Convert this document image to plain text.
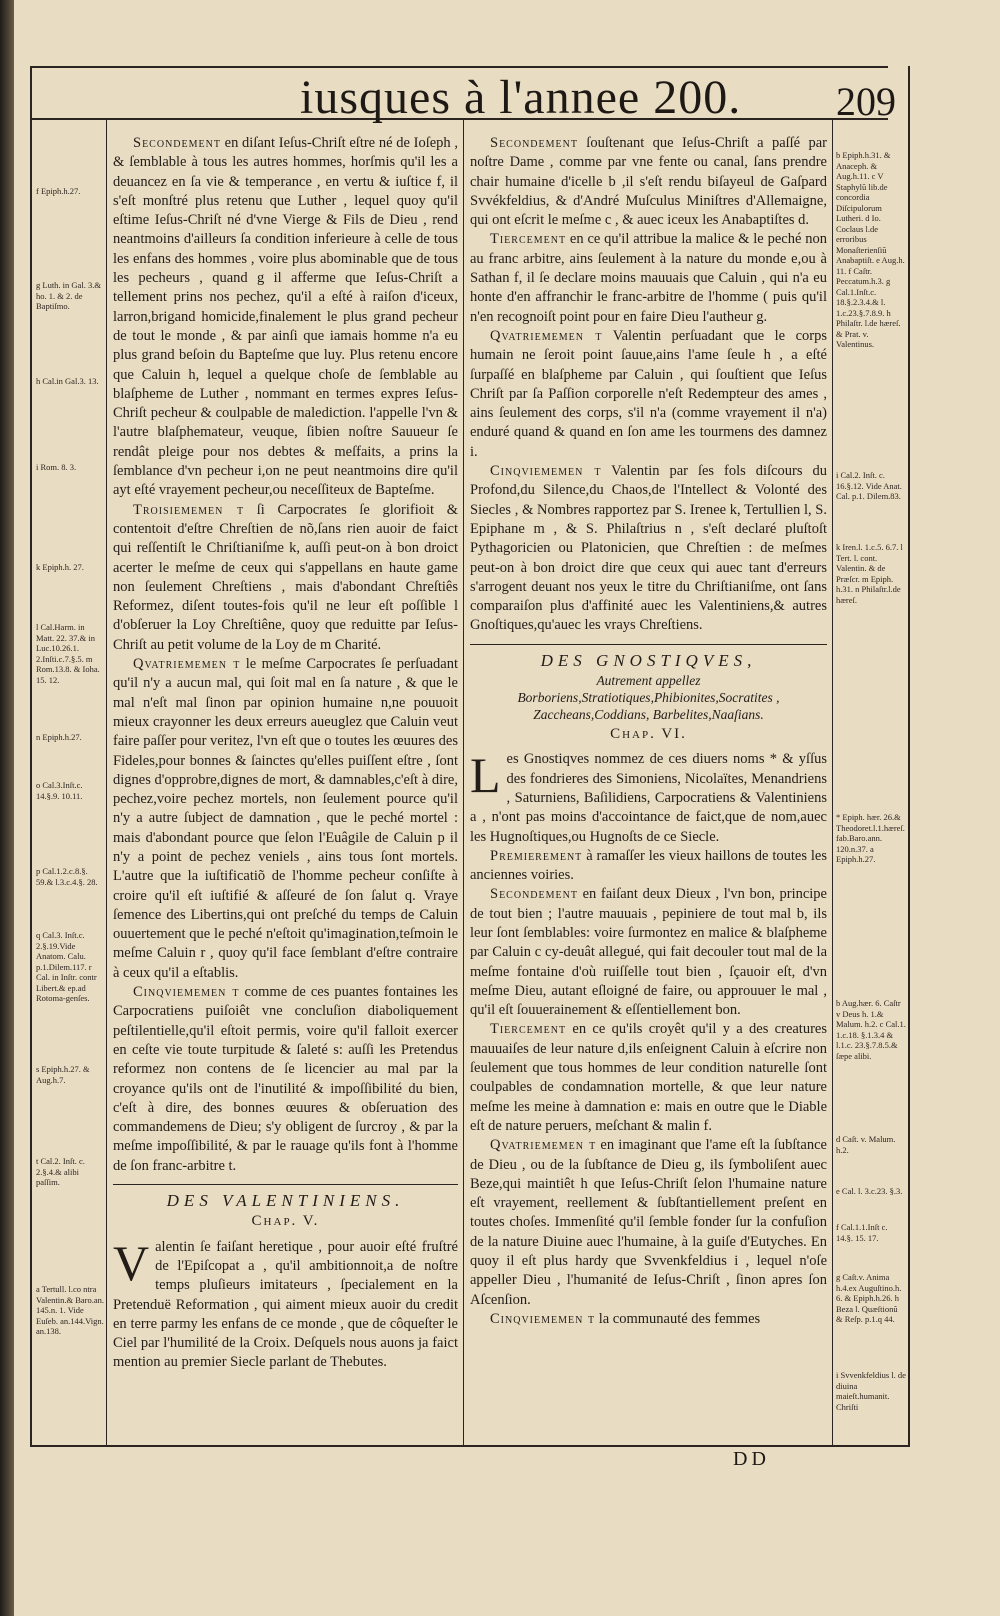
iusques à l'annee 200. 209
f Epiph.h.27.
g Luth. in Gal. 3.& ho. 1. & 2. de Baptiſmo.
h Cal.in Gal.3. 13.
i Rom. 8. 3.
k Epiph.h. 27.
l Cal.Harm. in Matt. 22. 37.& in Luc.10.26.1. 2.Inſti.c.7.§.5. m Rom.13.8. & Ioha. 15. 12.
n Epiph.h.27.
o Cal.3.Inſt.c. 14.§.9. 10.11.
p Cal.1.2.c.8.§. 59.& l.3.c.4.§. 28.
q Cal.3. Inſt.c. 2.§.19.Vide Anatom. Calu. p.1.Dilem.117. r Cal. in Inſtr. contr Libert.& ep.ad Rotoma-genſes.
s Epiph.h.27. & Aug.h.7.
t Cal.2. Inſt. c. 2.§.4.& alibi paſſim.
a Tertull. l.co ntra Valentin.& Baro.an. 145.n. 1. Vide Euſeb. an.144.Vign. an.138.

Secondement en diſant Ieſus-Chriſt eſtre né de Ioſeph , & ſemblable à tous les autres hommes, horſmis qu'il les a deuancez en ſa vie & temperance , en vertu & iuſtice f, il s'eſt monſtré plus retenu que Luther , lequel quoy qu'il eſtime Ieſus-Chriſt né d'vne Vierge & Fils de Dieu , rend neantmoins d'ailleurs ſa condition inferieure à celle de tous les enfans des hommes , voire plus abominable que de tous les pecheurs , quand g il afferme que Ieſus-Chriſt a tellement prins nos pechez, qu'il a eſté à raiſon d'iceux, larron,brigand homicide,finalement le plus grand pecheur de tout le monde , & par ainſi que iamais homme n'a eu plus grand beſoin du Bapteſme que luy. Plus retenu encore que Caluin h, lequel a quelque choſe de ſemblable au blaſpheme de Luther , nommant en termes expres Ieſus-Chriſt pecheur & coulpable de malediction. l'appelle l'vn & l'autre blaſphemateur, veuque, ſibien noſtre Sauueur ſe rendât pleige pour nos debtes & meſfaits, a prins la ſemblance d'vn pecheur i,on ne peut neantmoins dire qu'il ayt eſté vrayement pecheur,ou neceſſiteux de Bapteſme.

Troisiememen t ſi Carpocrates ſe glorifioit & contentoit d'eſtre Chreſtien de nõ,ſans rien auoir de faict qui reſſentiſt le Chriſtianiſme k, auſſi peut-on à bon droict acerter le meſme de ceux qui s'appellans en haute game non ſeulement Chreſtiens , mais d'abondant Chreſtiês Reformez, diſent toutes-fois qu'il ne leur eſt poſſible l d'obſeruer la Loy Chreſtiêne, quoy que reduitte par Ieſus-Chriſt au petit volume de la Loy de m Charité.

Qvatriememen t le meſme Carpocrates ſe perſuadant qu'il n'y a aucun mal, qui ſoit mal en ſa nature , & que le mal n'eſt mal ſinon par opinion humaine n,ne pouuoit mieux crayonner les deux erreurs aueuglez que Caluin veut faire paſſer pour veritez, l'vn eſt que o toutes les œuures des Fideles,pour bonnes & ſainctes qu'elles puiſſent eſtre , ſont dignes d'opprobre,dignes de mort, & damnables,c'eſt à dire, pechez,voire pechez mortels, non ſeulement pource qu'il n'y a autre ſubject de damnation , que le peché mortel : mais d'abondant pource que ſelon l'Euâgile de Caluin p il n'y a point de pechez veniels , ains tous ſont mortels. L'autre que la iuſtificatiõ de l'homme pecheur conſiſte à croire qu'il eſt iuſtifié & aſſeuré de ſon ſalut q. Vraye ſemence des Libertins,qui ont preſché du temps de Caluin ouuertement que le peché n'eſtoit qu'imagination,teſmoin le meſme Caluin r , quoy qu'il face ſemblant d'eſtre contraire à ceux qu'il a eſtablis.

Cinqviememen t comme de ces puantes fontaines les Carpocratiens puiſoiêt vne concluſion diaboliquement peſtilentielle,qu'il eſtoit permis, voire qu'il falloit exercer en ceſte vie toute turpitude & ſaleté s: auſſi les Pretendus reformez non contens de ſe licencier au mal par la croyance qu'ils ont de l'inutilité & impoſſibilité du bien, c'eſt à dire, des bonnes œuures & obſeruation des commandemens de Dieu; s'y obligent de ſurcroy , & par la meſme impoſſibilité, & par le rauage qu'ils font à l'homme de ſon franc-arbitre t.

DES VALENTINIENS.
Chap. V.
Valentin ſe faiſant heretique , pour auoir eſté fruſtré de l'Epiſcopat a , qu'il ambitionnoit,a de noſtre temps pluſieurs imitateurs , ſpecialement en la Pretenduë Reformation , qui aiment mieux auoir du credit en terre parmy les enfans de ce monde , que de côqueſter le Ciel par l'humilité de la Croix. Deſquels nous auons ja faict mention au premier Siecle parlant de Thebutes.

Secondement ſouſtenant que Ieſus-Chriſt a paſſé par noſtre Dame , comme par vne fente ou canal, ſans prendre chair humaine d'icelle b ,il s'eſt rendu biſayeul de Gaſpard Svvékfeldius, & d'André Muſculus Miniſtres d'Allemaigne, qui ont eſcrit le meſme c , & auec iceux les Anabaptiſtes d.

Tiercement en ce qu'il attribue la malice & le peché non au franc arbitre, ains ſeulement à la nature du monde e,ou à Sathan f, il ſe declare moins mauuais que Caluin , qui n'a eu honte d'en affranchir le franc-arbitre de l'homme ( puis qu'il n'en recognoiſt point pour en faire Dieu l'autheur g.

Qvatriememen t Valentin perſuadant que le corps humain ne ſeroit point ſauue,ains l'ame ſeule h , a eſté ſurpaſſé en blaſpheme par Caluin , qui ſouſtient que Ieſus Chriſt par ſa Paſſion corporelle n'eſt Redempteur des ames , ains ſeulement des corps, s'il n'a (comme vrayement il n'a) enduré quand & quand en ſon ame les tourmens des damnez i.

Cinqviememen t Valentin par ſes fols diſcours du Profond,du Silence,du Chaos,de l'Intellect & Volonté des Siecles , & Nombres rapportez par S. Irenee k, Tertullien l, S. Epiphane m , & S. Philaſtrius n , s'eſt declaré pluſtoſt Pythagoricien ou Platonicien, que Chreſtien : de meſmes peut-on à bon droict dire que ceux qui auec tant d'erreurs s'arrogent deuant nos yeux le titre du Chriſtianiſme, ont ſans comparaiſon plus d'affinité auec les Valentiniens,& autres Gnoſtiques,qu'auec les vrays Chreſtiens.

DES GNOSTIQVES,
Autrement appellez Borboriens,Stratiotiques,Phibionites,Socratites , Zaccheans,Coddians, Barbelites,Naaſians.
Chap. VI.
Les Gnostiqves nommez de ces diuers noms * & yſſus des fondrieres des Simoniens, Nicolaïtes, Menandriens , Saturniens, Baſilidiens, Carpocratiens & Valentiniens a , n'ont pas moins d'accointance de faict,que de nom,auec les Hugnoſtiques,ou Hugnoſts de ce Siecle.

Premierement à ramaſſer les vieux haillons de toutes les anciennes voiries.

Secondement en faiſant deux Dieux , l'vn bon, principe de tout bien ; l'autre mauuais , pepiniere de tout mal b, ils leur ſont ſemblables: voire ſurmontez en malice & blaſpheme par Caluin c cy-deuât allegué, qui fait decouler tout mal de la meſme fontaine d'où ruiſſelle tout bien , ſçauoir eſt, d'vn meſme Dieu, autant eſloigné de faire, ou approuuer le mal , qu'il eſt ſouuerainement & eſſentiellement bon.

Tiercement en ce qu'ils croyêt qu'il y a des creatures mauuaiſes de leur nature d,ils enſeignent Caluin à eſcrire non ſeulement que tous hommes de leur condition naturelle ſont coulpables de condamnation mortelle, & que leur nature meſme les meine à damnation e: mais en outre que le Diable eſt de nature peruers, meſchant & malin f.

Qvatriememen t en imaginant que l'ame eſt la ſubſtance de Dieu , ou de la ſubſtance de Dieu g, ils ſymboliſent auec Beze,qui maintiêt h que Ieſus-Chriſt ſelon l'humaine nature eſt vrayement, reellement & ſubſtantiellement preſent en toutes choſes. Immenſité qu'il ſemble fonder ſur la confuſion de la nature Diuine auec l'humaine, à la guiſe d'Eutyches. En quoy il eſt plus hardy que Svvenkfeldius i , lequel n'oſe appeller Dieu , l'humanité de Ieſus-Chriſt , ſinon apres ſon Aſcenſion.

Cinqviememen t la communauté des femmes

b Epiph.h.31. & Anaceph. & Aug.h.11. c V Staphylũ lib.de concordia Diſcipulorum Lutheri. d Io. Coclaus l.de erroribus Monaſterienſiũ Anabaptiſt. e Aug.h. 11. f Caſtr. Peccatum.h.3. g Cal.1.Inſt.c. 18.§.2.3.4.& l. 1.c.23.§.7.8.9. h Philaſtr. l.de hæreſ. & Prat. v. Valentinus.
i Cal.2. Inſt. c. 16.§.12. Vide Anat. Cal. p.1. Dilem.83.
k Iren.l. 1.c.5. 6.7. l Tert. l. cont. Valentin. & de Præſcr. m Epiph. h.31. n Philaſtr.l.de hæreſ.
* Epiph. hær. 26.& Theodoret.l.1.hæreſ. fab.Baro.ann. 120.n.37. a Epiph.h.27.
b Aug.hær. 6. Caſtr v Deus h. 1.& Malum. h.2. c Cal.1. 1.c.18. §.1.3.4 & l.1.c. 23.§.7.8.5.& ſæpe alibi.
d Caſt. v. Malum. h.2.
e Cal. l. 3.c.23. §.3.
f Cal.1.1.Inſt c. 14.§. 15. 17.
g Caſt.v. Anima h.4.ex Auguſtino.h. 6. & Epiph.h.26. h Beza l. Quæſtionũ & Reſp. p.1.q 44.
i Svvenkfeldius l. de diuina maieſt.humanit. Chriſti
DD
